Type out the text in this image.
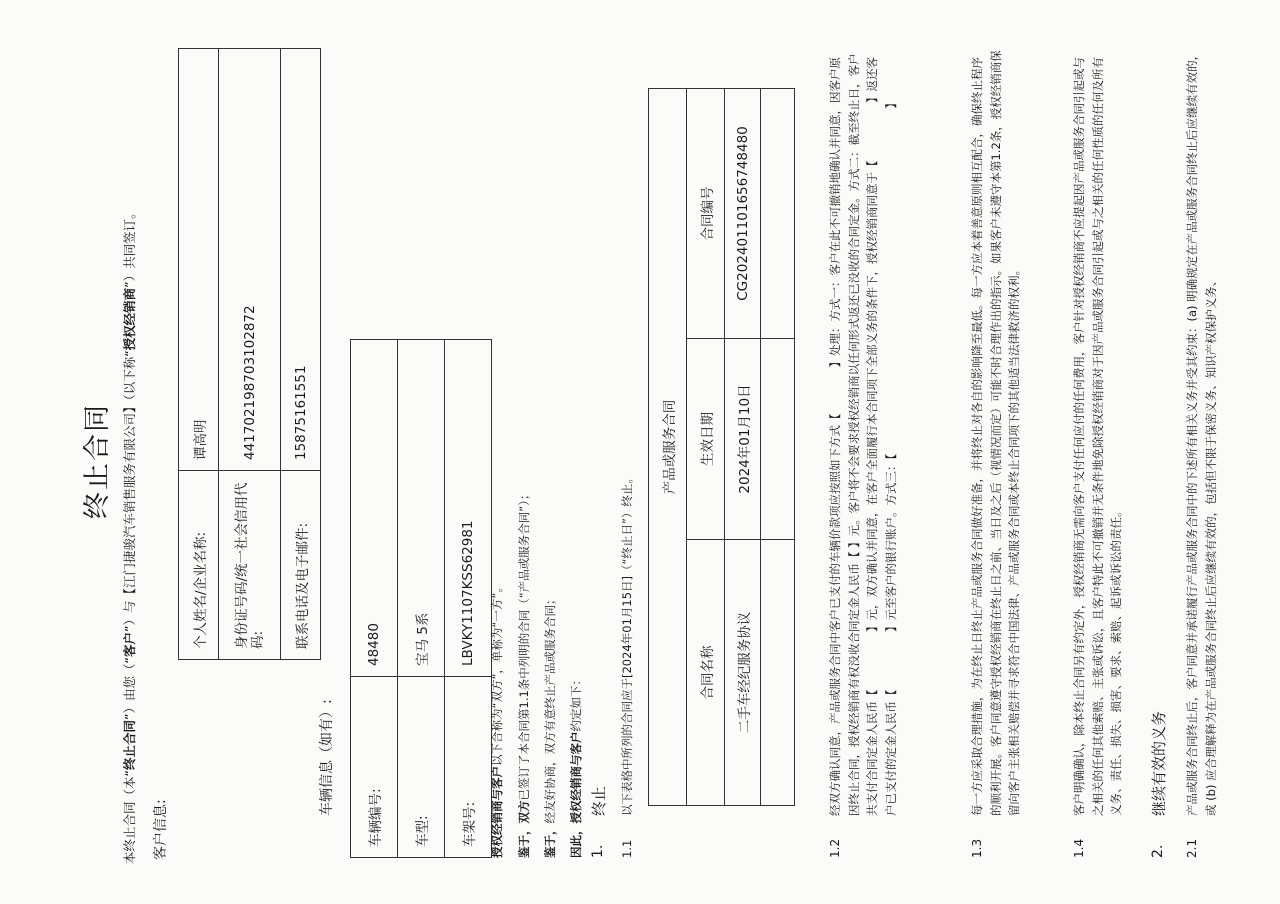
终止合同
本终止合同（本“终止合同”）由您（“客户”）与【江门捷骏汽车销售服务有限公司】（以下称“授权经销商”）共同签订。
客户信息:
个人姓名/企业名称:	谭高明
身份证号码/统一社会信用代码:	441702198703102872
联系电话及电子邮件:	15875161551
车辆信息（如有）:
车辆编号:	48480
车型:	宝马 5系
车架号:	LBVKY1107KSS62981
授权经销商与客户以下合称为“双方”，单称为“一方”。
鉴于，双方已签订了本合同第1.1条中列明的合同（“产品或服务合同”）；
鉴于，经友好协商，双方有意终止产品或服务合同； 因此，授权经销商与客户约定如下：
1.
终止
1.1
以下表格中所列的合同应于[2024年01月15日]（“终止日”）终止。
产品或服务合同		
合同名称	生效日期	合同编号
二手车经纪服务协议	2024年01月10日	CG20240110165674​8480

1.2
经双方确认同意，产品或服务合同中客户已支付的车辆价款项应按照如下方式【　　　　】处理：方式一：客户在此不可撤销地确认并同意，因客户原因终止合同，授权经销商有权没收合同定金人民币【 】元。客户将不会要求授权经销商以任何形式返还已没收的合同定金。方式二：截至终止日，客户共支付合同定金人民币【　　　　　】元，双方确认并同意，在客户全面履行本合同项下全部义务的条件下，授权经销商同意于【　　　　　】返还客户已支付的定金人民币【　　　　　】元至客户的银行账户。方式三：【　　　　　　　　　　　　　　　　　　　　　　　　　　　　　　】
1.3
每一方应采取合理措施，为在终止日终止产品或服务合同做好准备，并将终止对各自的影响降至最低。每一方应本着善意原则相互配合，确保终止程序的顺利开展。客户同意遵守授权经销商在终止日之前、当日及之后（视情况而定）可能不时合理作出的指示。如果客户未遵守本第1.2条，授权经销商保留向客户主张相关赔偿并寻求符合中国法律、产品或服务合同或本终止合同项下的其他适当法律救济的权利。
1.4
客户明确确认，除本终止合同另有约定外，授权经销商无需向客户支付任何应付的任何费用，客户针对授权经销商不应提起因产品或服务合同引起或与之相关的任何其他索赔、主张或诉讼，且客户特此不可撤销并无条件地免除授权经销商对于因产品或服务合同引起或与之相关的任何性质的任何及所有义务、责任、损失、损害、要求、索赔、起诉或诉讼的责任。
2.
继续有效的义务
2.1
产品或服务合同终止后，客户同意并承诺履行产品或服务合同中的下述所有相关义务并受其约束：(a) 明确规定在产品或服务合同终止后应继续有效的，或 (b) 应合理解释为在产品或服务合同终止后应继续有效的，包括但不限于保密义务、知识产权保护义务、
